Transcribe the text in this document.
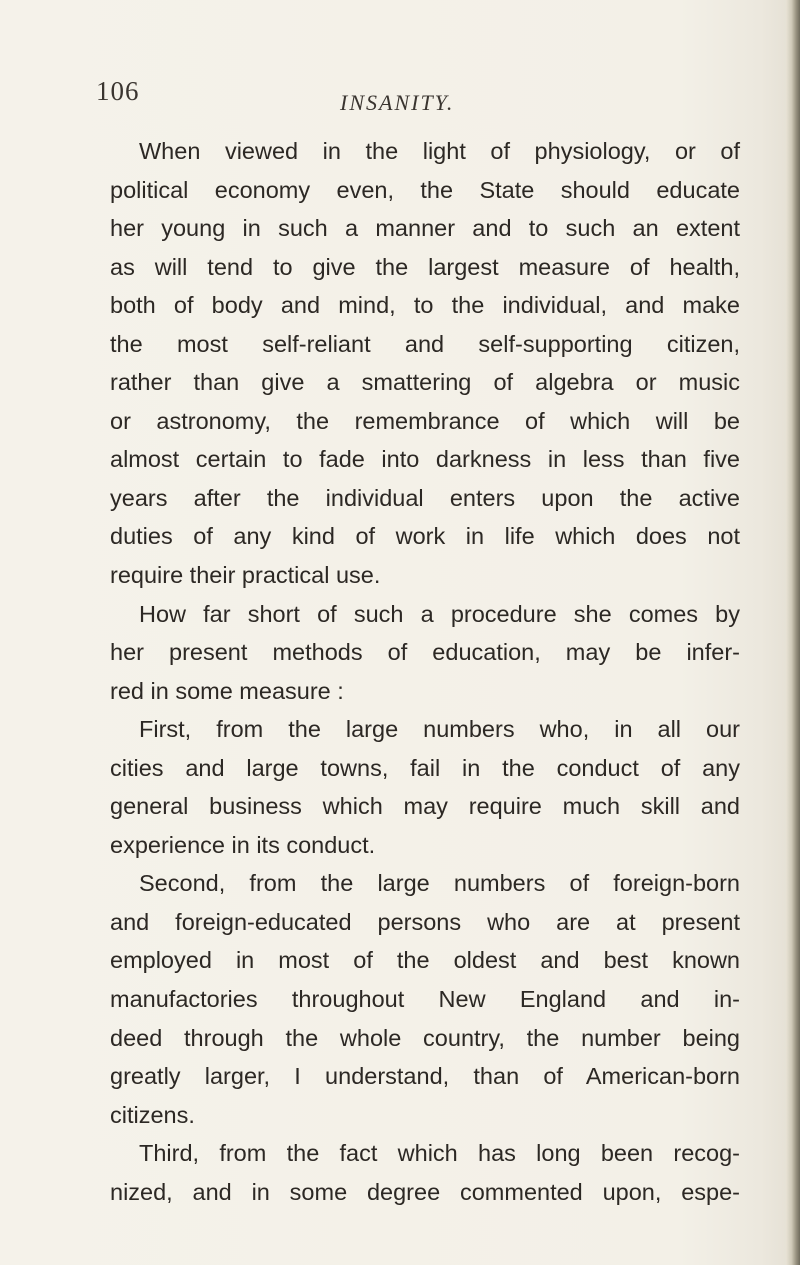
106	INSANITY.
When viewed in the light of physiology, or of
political economy even, the State should educate
her young in such a manner and to such an extent
as will tend to give the largest measure of health,
both of body and mind, to the individual, and make
the most self-reliant and self-supporting citizen,
rather than give a smattering of algebra or music
or astronomy, the remembrance of which will be
almost certain to fade into darkness in less than five
years after the individual enters upon the active
duties of any kind of work in life which does not
require their practical use.
How far short of such a procedure she comes by
her present methods of education, may be infer-
red in some measure :
First, from the large numbers who, in all our
cities and large towns, fail in the conduct of any
general business which may require much skill and
experience in its conduct.
Second, from the large numbers of foreign-born
and foreign-educated persons who are at present
employed in most of the oldest and best known
manufactories throughout New England and in-
deed through the whole country, the number being
greatly larger, I understand, than of American-born
citizens.
Third, from the fact which has long been recog-
nized, and in some degree commented upon, espe-
